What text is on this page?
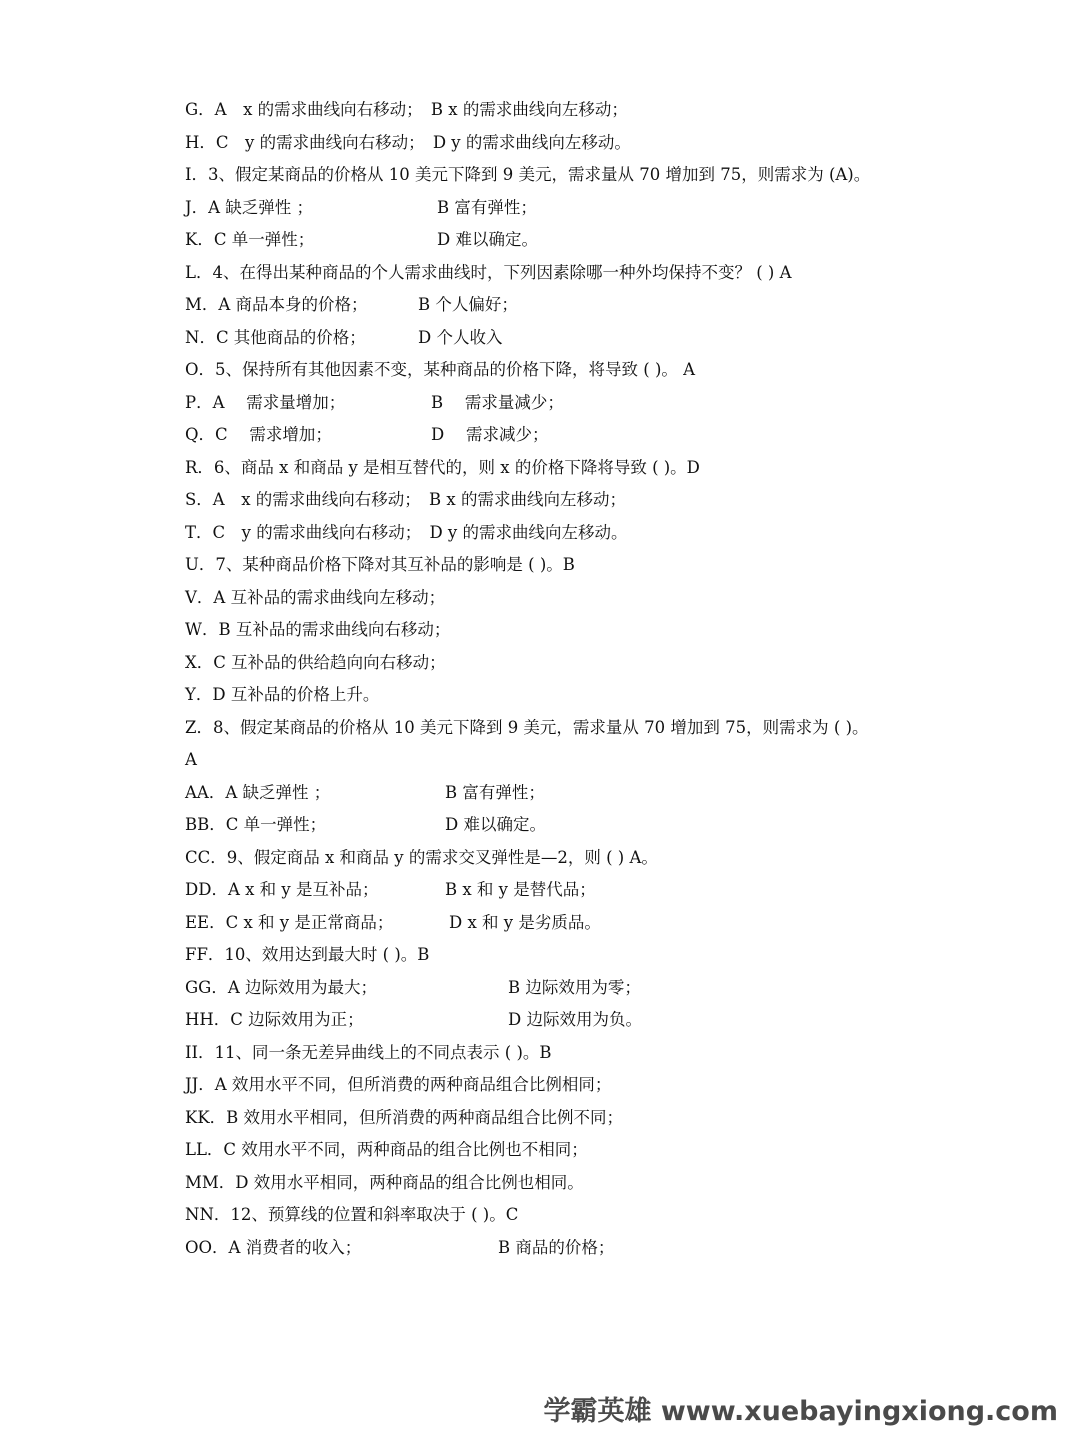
G．A　x 的需求曲线向右移动；　B x 的需求曲线向左移动；
H．C　y 的需求曲线向右移动；　D y 的需求曲线向左移动。
I．3、假定某商品的价格从 10 美元下降到 9 美元，需求量从 70 增加到 75，则需求为 (A)。
J．A 缺乏弹性 ；	B 富有弹性；
K．C 单一弹性；	D 难以确定。
L．4、在得出某种商品的个人需求曲线时，下列因素除哪一种外均保持不变？ ( ) A
M．A 商品本身的价格；	B 个人偏好；
N．C 其他商品的价格；	D 个人收入
O．5、保持所有其他因素不变，某种商品的价格下降，将导致 ( )。 A
P．A　 需求量增加；	B　 需求量减少；
Q．C　 需求增加；	D　 需求减少；
R．6、商品 x 和商品 y 是相互替代的，则 x 的价格下降将导致 ( )。D
S．A　x 的需求曲线向右移动；　B x 的需求曲线向左移动；
T．C　y 的需求曲线向右移动；　D y 的需求曲线向左移动。
U．7、某种商品价格下降对其互补品的影响是 ( )。B
V．A 互补品的需求曲线向左移动；
W．B 互补品的需求曲线向右移动；
X．C 互补品的供给趋向向右移动；
Y．D 互补品的价格上升。
Z．8、假定某商品的价格从 10 美元下降到 9 美元，需求量从 70 增加到 75，则需求为 ( )。
A
AA．A 缺乏弹性 ；	B 富有弹性；
BB．C 单一弹性；	D 难以确定。
CC．9、假定商品 x 和商品 y 的需求交叉弹性是—2，则 ( ) A。
DD．A x 和 y 是互补品；	B x 和 y 是替代品；
EE．C x 和 y 是正常商品；	D x 和 y 是劣质品。
FF．10、效用达到最大时 ( )。B
GG．A 边际效用为最大；	B 边际效用为零；
HH．C 边际效用为正；	D 边际效用为负。
II．11、同一条无差异曲线上的不同点表示 ( )。B
JJ．A 效用水平不同，但所消费的两种商品组合比例相同；
KK．B 效用水平相同，但所消费的两种商品组合比例不同；
LL．C 效用水平不同，两种商品的组合比例也不相同；
MM．D 效用水平相同，两种商品的组合比例也相同。
NN．12、预算线的位置和斜率取决于 ( )。C
OO．A 消费者的收入；	B 商品的价格；
学霸英雄 www.xuebayingxiong.com
